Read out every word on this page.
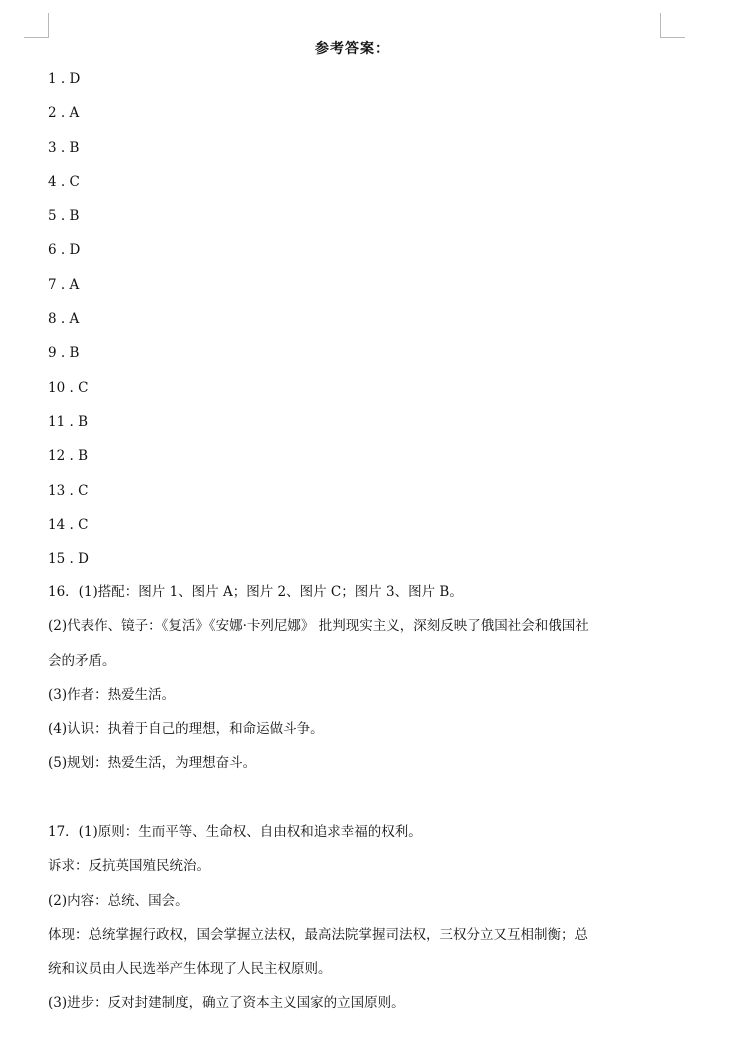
参考答案：
1 . D
2 . A
3 . B
4 . C
5 . B
6 . D
7 . A
8 . A
9 . B
10 . C
11 . B
12 . B
13 . C
14 . C
15 . D
16．(1)搭配：图片 1、图片 A；图片 2、图片 C；图片 3、图片 B。
(2)代表作、镜子：《复活》《安娜·卡列尼娜》 批判现实主义，深刻反映了俄国社会和俄国社
会的矛盾。
(3)作者：热爱生活。
(4)认识：执着于自己的理想，和命运做斗争。
(5)规划：热爱生活，为理想奋斗。
17．(1)原则：生而平等、生命权、自由权和追求幸福的权利。
诉求：反抗英国殖民统治。
(2)内容：总统、国会。
体现：总统掌握行政权，国会掌握立法权，最高法院掌握司法权，三权分立又互相制衡；总
统和议员由人民选举产生体现了人民主权原则。
(3)进步：反对封建制度，确立了资本主义国家的立国原则。
